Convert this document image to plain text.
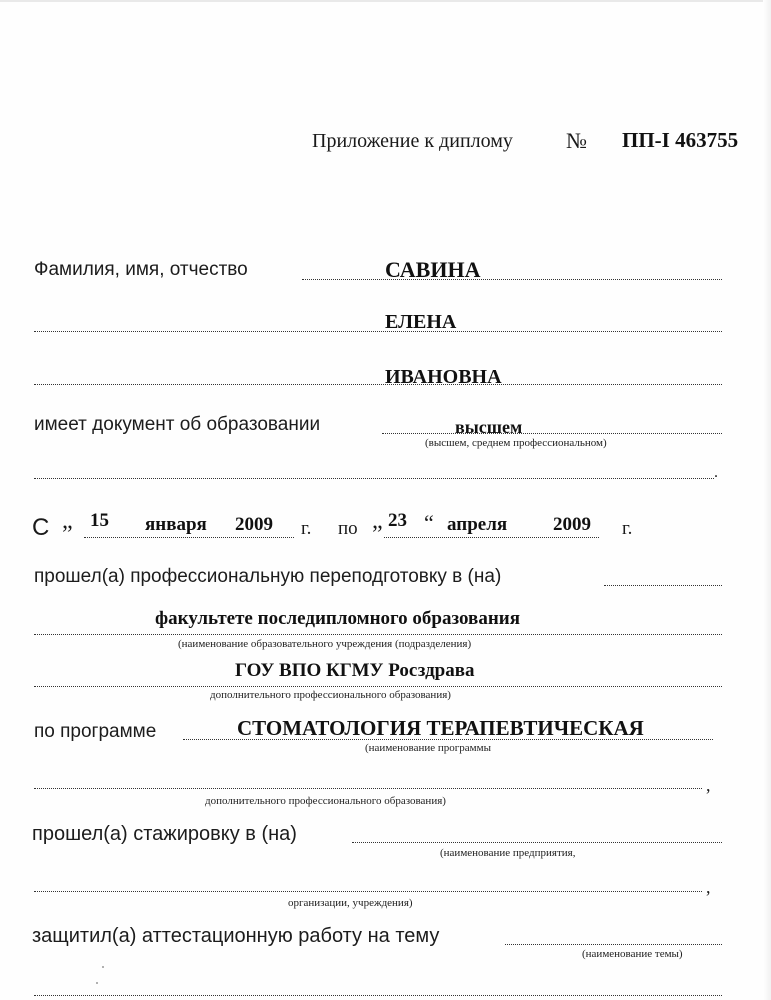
Приложение к диплому № ПП-I 463755
Фамилия, имя, отчество	САВИНА
ЕЛЕНА
ИВАНОВНА
имеет документ об образовании	высшем
(высшем, среднем профессиональном)
.
С „ 15 января 2009 г. по „ 23 “ апреля 2009 г.
прошел(а) профессиональную переподготовку в (на)
факультете последипломного образования
(наименование образовательного учреждения (подразделения)
ГОУ ВПО КГМУ Росздрава
дополнительного профессионального образования)
по программе	СТОМАТОЛОГИЯ ТЕРАПЕВТИЧЕСКАЯ
(наименование программы
,
дополнительного профессионального образования)
прошел(а) стажировку в (на)
(наименование предприятия,
,
организации, учреждения)
защитил(а) аттестационную работу на тему
(наименование темы)
